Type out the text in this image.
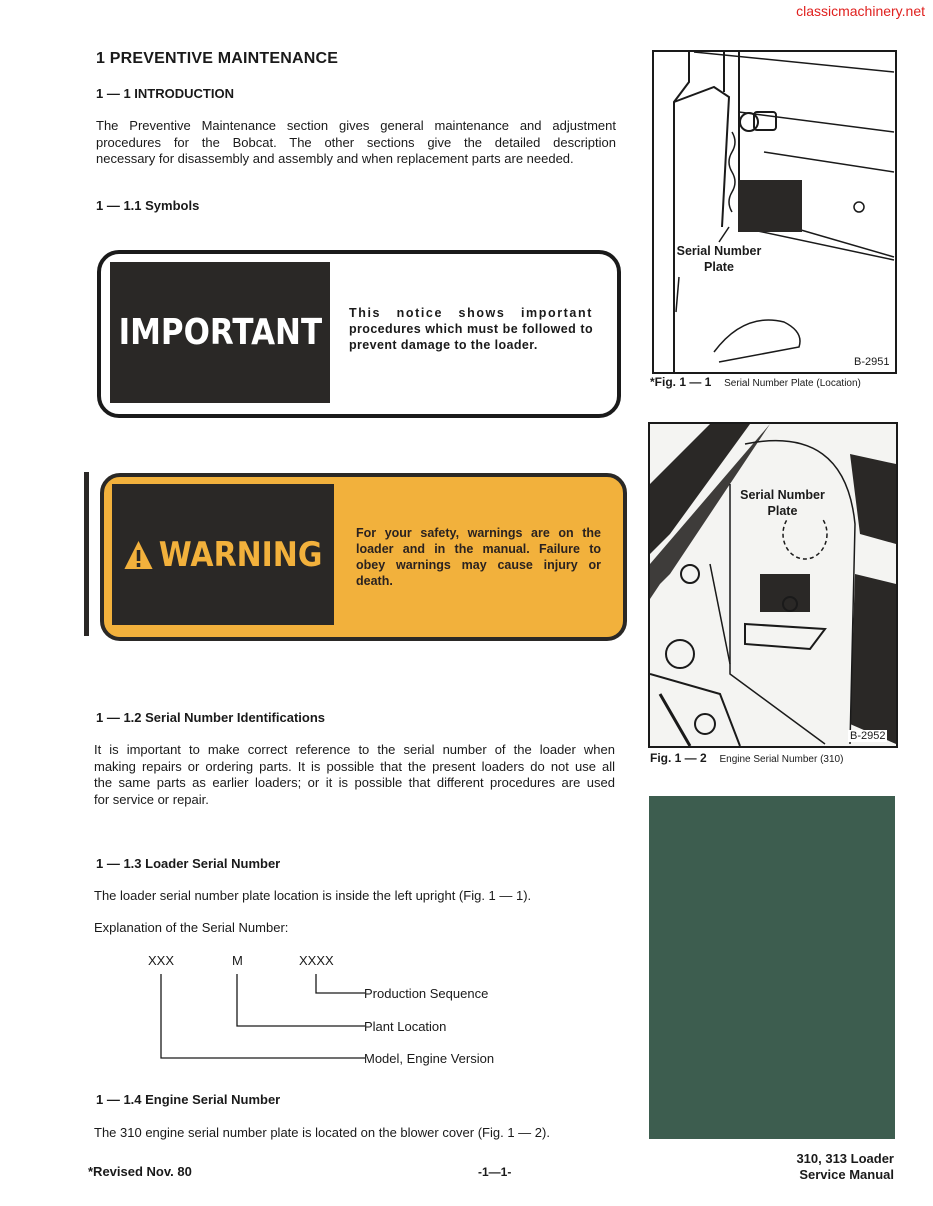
classicmachinery.net
1 PREVENTIVE MAINTENANCE
1 — 1 INTRODUCTION
The Preventive Maintenance section gives general maintenance and adjustment
procedures for the Bobcat. The other sections give the detailed description
necessary for disassembly and assembly and when replacement parts are needed.
1 — 1.1 Symbols
IMPORTANT This notice shows important
procedures which must be followed to
prevent damage to the loader.
WARNING
For your safety, warnings are on the
loader and in the manual. Failure to
obey warnings may cause injury or
death.
1 — 1.2 Serial Number Identifications
It is important to make correct reference to the serial number of the loader when
making repairs or ordering parts. It is possible that the present loaders do not use all
the same parts as earlier loaders; or it is possible that different procedures are used
for service or repair.
1 — 1.3 Loader Serial Number
The loader serial number plate location is inside the left upright (Fig. 1 — 1).
Explanation of the Serial Number:
XXX	M	XXXX
Production Sequence
Plant Location
Model, Engine Version
1 — 1.4 Engine Serial Number
The 310 engine serial number plate is located on the blower cover (Fig. 1 — 2).
Serial Number
Plate
B-2951
*Fig. 1 — 1 Serial Number Plate (Location)
Serial Number
Plate
B-2952
Fig. 1 — 2 Engine Serial Number (310)
*Revised Nov. 80	-1—1-
310, 313 Loader
Service Manual
